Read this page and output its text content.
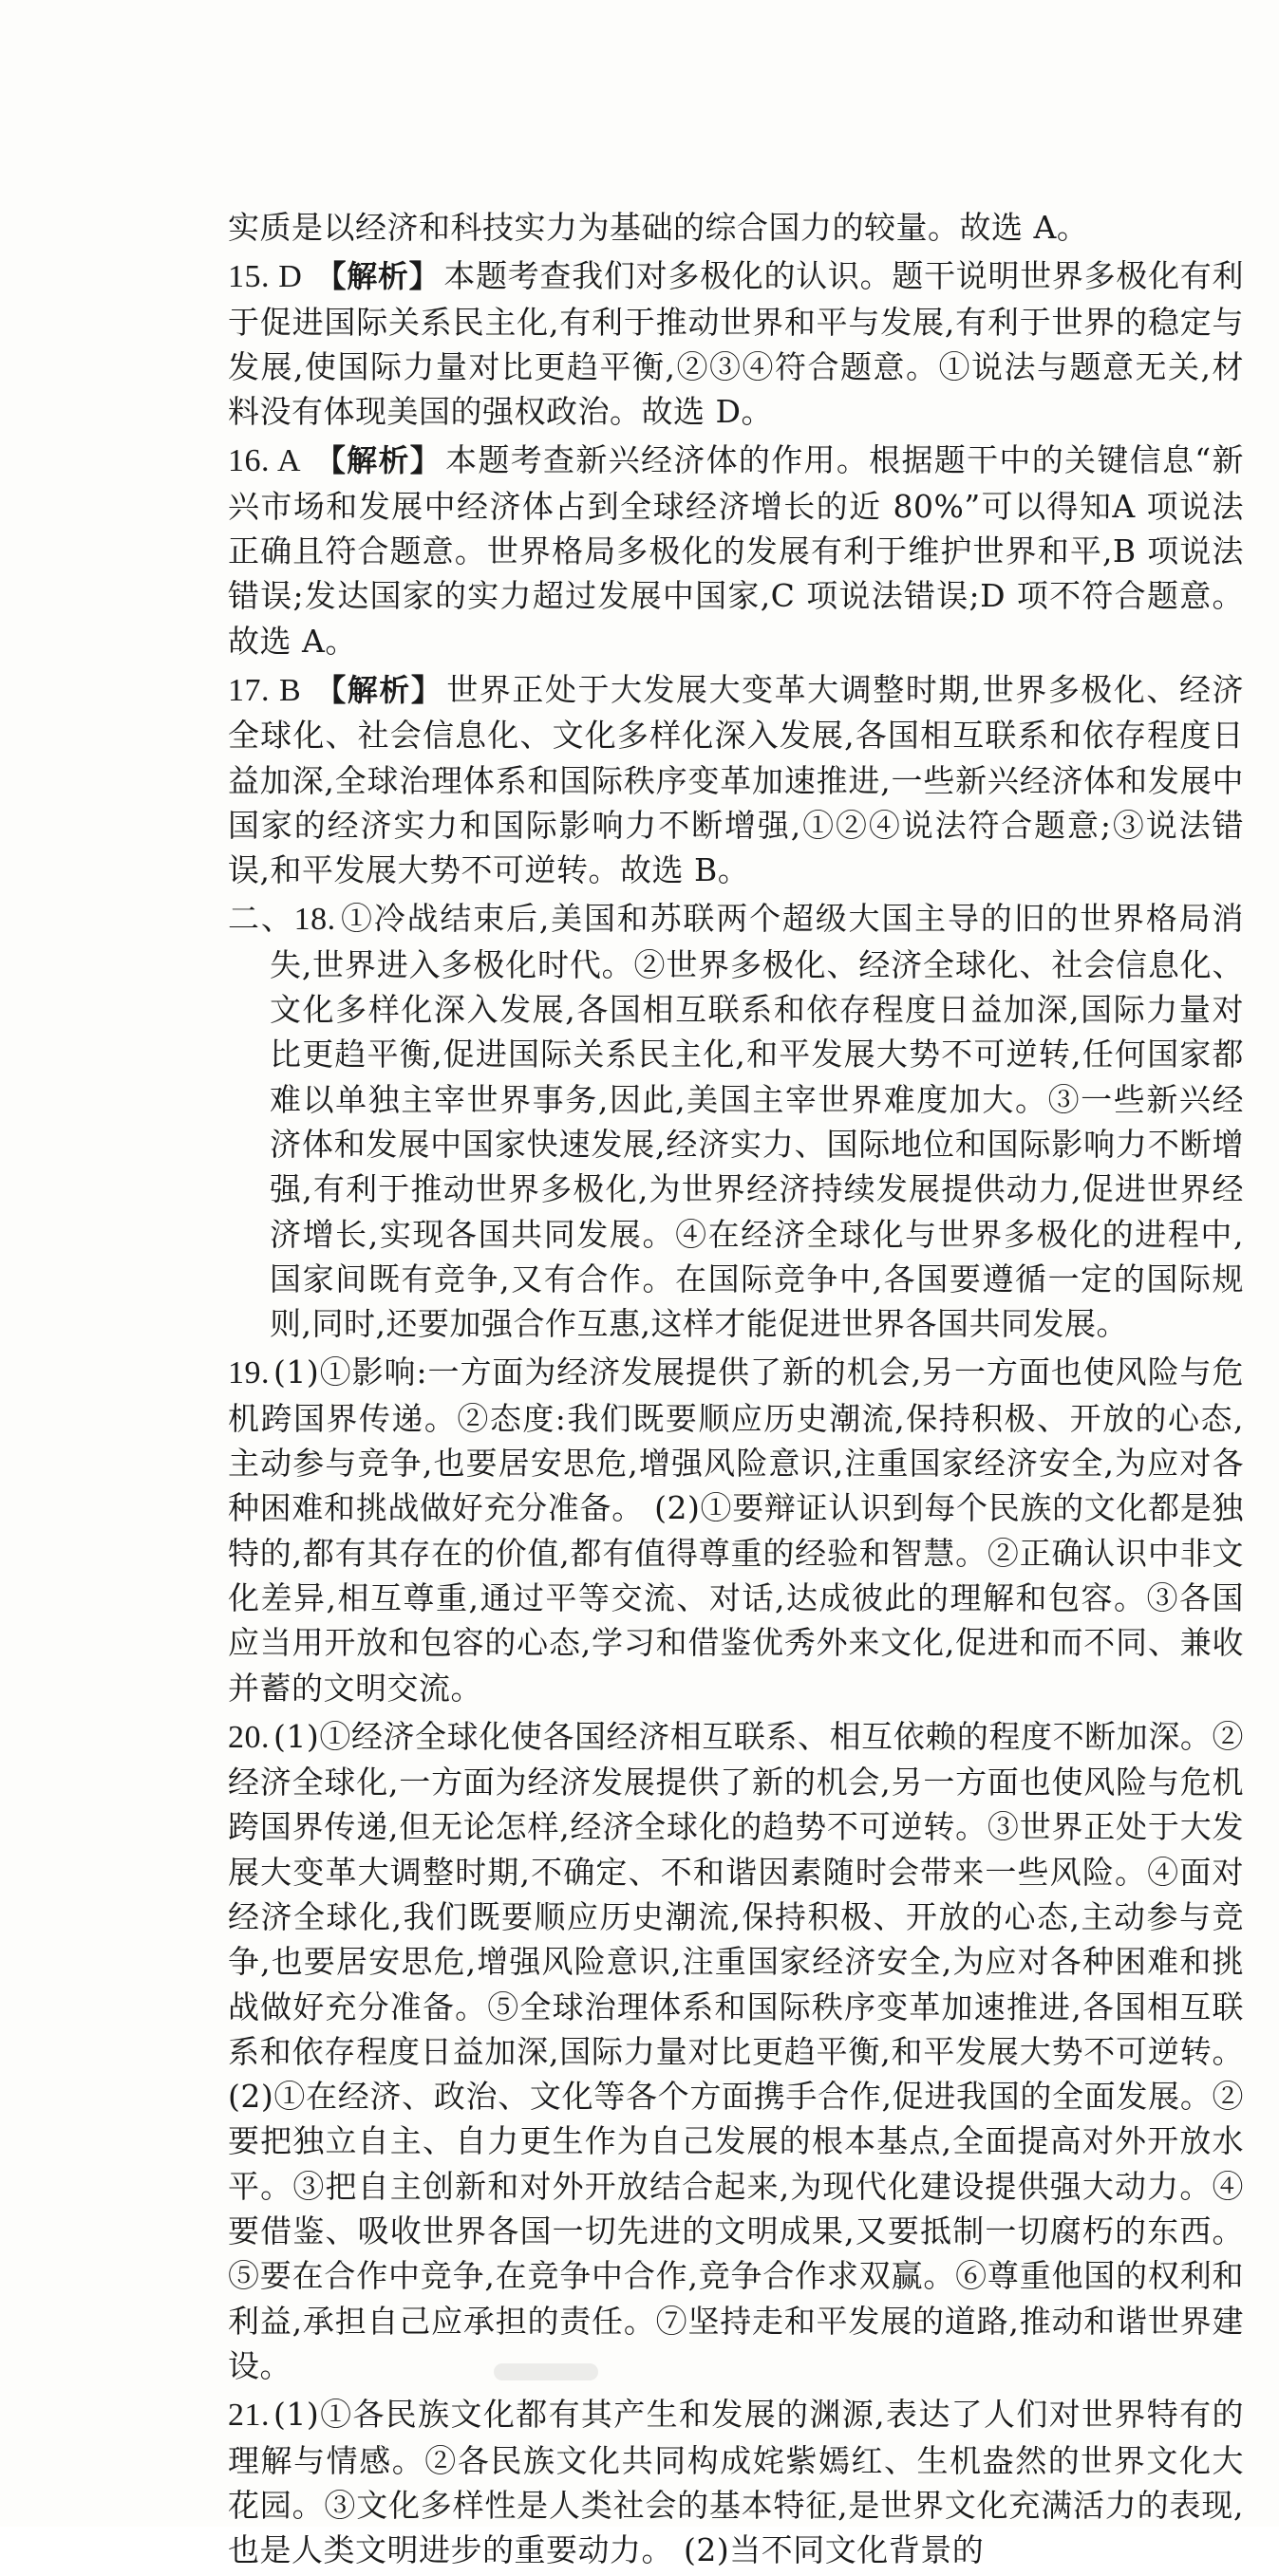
实质是以经济和科技实力为基础的综合国力的较量。故选 A。

15. D 【解析】 本题考查我们对多极化的认识。题干说明世界多极化有利于促进国际关系民主化,有利于推动世界和平与发展,有利于世界的稳定与发展,使国际力量对比更趋平衡,②③④符合题意。①说法与题意无关,材料没有体现美国的强权政治。故选 D。

16. A 【解析】 本题考查新兴经济体的作用。根据题干中的关键信息“新兴市场和发展中经济体占到全球经济增长的近 80%”可以得知A 项说法正确且符合题意。世界格局多极化的发展有利于维护世界和平,B 项说法错误;发达国家的实力超过发展中国家,C 项说法错误;D 项不符合题意。故选 A。

17. B 【解析】 世界正处于大发展大变革大调整时期,世界多极化、经济全球化、社会信息化、文化多样化深入发展,各国相互联系和依存程度日益加深,全球治理体系和国际秩序变革加速推进,一些新兴经济体和发展中国家的经济实力和国际影响力不断增强,①②④说法符合题意;③说法错误,和平发展大势不可逆转。故选 B。

二、18. ①冷战结束后,美国和苏联两个超级大国主导的旧的世界格局消失,世界进入多极化时代。②世界多极化、经济全球化、社会信息化、文化多样化深入发展,各国相互联系和依存程度日益加深,国际力量对比更趋平衡,促进国际关系民主化,和平发展大势不可逆转,任何国家都难以单独主宰世界事务,因此,美国主宰世界难度加大。③一些新兴经济体和发展中国家快速发展,经济实力、国际地位和国际影响力不断增强,有利于推动世界多极化,为世界经济持续发展提供动力,促进世界经济增长,实现各国共同发展。④在经济全球化与世界多极化的进程中,国家间既有竞争,又有合作。在国际竞争中,各国要遵循一定的国际规则,同时,还要加强合作互惠,这样才能促进世界各国共同发展。

19. (1)①影响:一方面为经济发展提供了新的机会,另一方面也使风险与危机跨国界传递。②态度:我们既要顺应历史潮流,保持积极、开放的心态,主动参与竞争,也要居安思危,增强风险意识,注重国家经济安全,为应对各种困难和挑战做好充分准备。 (2)①要辩证认识到每个民族的文化都是独特的,都有其存在的价值,都有值得尊重的经验和智慧。②正确认识中非文化差异,相互尊重,通过平等交流、对话,达成彼此的理解和包容。③各国应当用开放和包容的心态,学习和借鉴优秀外来文化,促进和而不同、兼收并蓄的文明交流。

20. (1)①经济全球化使各国经济相互联系、相互依赖的程度不断加深。②经济全球化,一方面为经济发展提供了新的机会,另一方面也使风险与危机跨国界传递,但无论怎样,经济全球化的趋势不可逆转。③世界正处于大发展大变革大调整时期,不确定、不和谐因素随时会带来一些风险。④面对经济全球化,我们既要顺应历史潮流,保持积极、开放的心态,主动参与竞争,也要居安思危,增强风险意识,注重国家经济安全,为应对各种困难和挑战做好充分准备。⑤全球治理体系和国际秩序变革加速推进,各国相互联系和依存程度日益加深,国际力量对比更趋平衡,和平发展大势不可逆转。 (2)①在经济、政治、文化等各个方面携手合作,促进我国的全面发展。②要把独立自主、自力更生作为自己发展的根本基点,全面提高对外开放水平。③把自主创新和对外开放结合起来,为现代化建设提供强大动力。④要借鉴、吸收世界各国一切先进的文明成果,又要抵制一切腐朽的东西。⑤要在合作中竞争,在竞争中合作,竞争合作求双赢。⑥尊重他国的权利和利益,承担自己应承担的责任。⑦坚持走和平发展的道路,推动和谐世界建设。

21. (1)①各民族文化都有其产生和发展的渊源,表达了人们对世界特有的理解与情感。②各民族文化共同构成姹紫嫣红、生机盎然的世界文化大花园。③文化多样性是人类社会的基本特征,是世界文化充满活力的表现,也是人类文明进步的重要动力。 (2)当不同文化背景的
